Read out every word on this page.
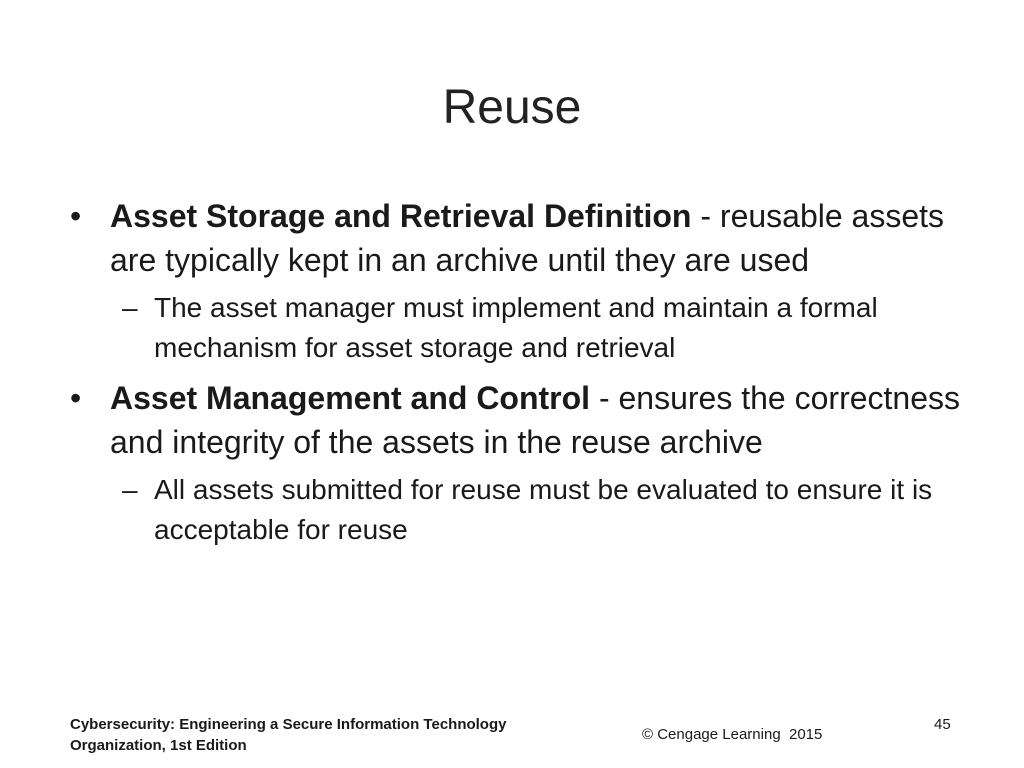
Reuse
• Asset Storage and Retrieval Definition - reusable assets are typically kept in an archive until they are used
– The asset manager must implement and maintain a formal mechanism for asset storage and retrieval
• Asset Management and Control - ensures the correctness and integrity of the assets in the reuse archive
– All assets submitted for reuse must be evaluated to ensure it is acceptable for reuse
Cybersecurity: Engineering a Secure Information Technology
Organization, 1st Edition
© Cengage Learning  2015
45
